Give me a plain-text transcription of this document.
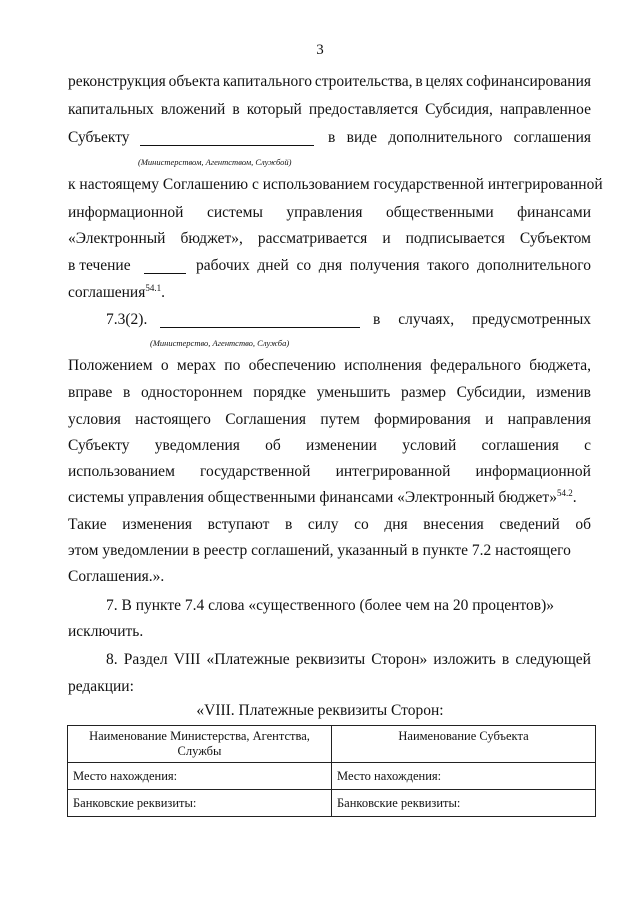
3
реконструкция объекта капитального строительства, в целях софинансирования
капитальных вложений в который предоставляется Субсидия, направленное
Субъекту	в виде дополнительного соглашения
(Министерством, Агентством, Службой)
к настоящему Соглашению с использованием государственной интегрированной
информационной системы управления общественными финансами
«Электронный бюджет», рассматривается и подписывается Субъектом
в течение	рабочих дней со дня получения такого дополнительного
соглашения$^{54.1}$.
7.3(2).	в случаях, предусмотренных
(Министерство, Агентство, Служба)
Положением о мерах по обеспечению исполнения федерального бюджета,
вправе в одностороннем порядке уменьшить размер Субсидии, изменив
условия настоящего Соглашения путем формирования и направления
Субъекту уведомления об изменении условий соглашения с
использованием государственной интегрированной информационной
системы управления общественными финансами «Электронный бюджет»$^{54.2}$.
Такие изменения вступают в силу со дня внесения сведений об
этом уведомлении в реестр соглашений, указанный в пункте 7.2 настоящего
Соглашения.».
7. В пункте 7.4 слова «существенного (более чем на 20 процентов)»
исключить.
8. Раздел VIII «Платежные реквизиты Сторон» изложить в следующей
редакции:
«VIII. Платежные реквизиты Сторон:
Наименование Министерства, Агентства, Службы	Наименование Субъекта
Место нахождения:	Место нахождения:
Банковские реквизиты:	Банковские реквизиты:
